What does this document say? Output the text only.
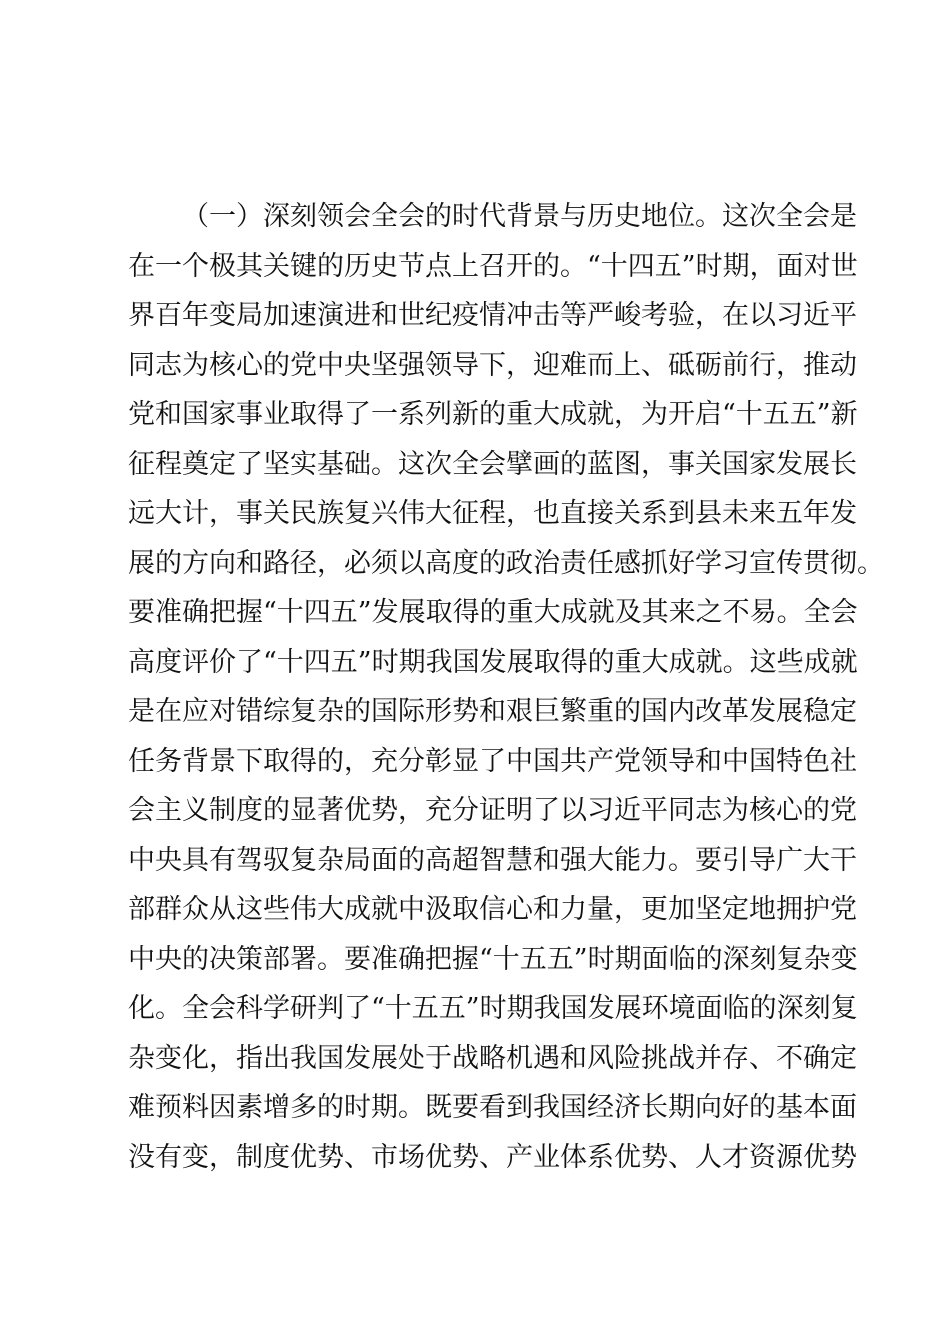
（一）深刻领会全会的时代背景与历史地位。这次全会是
在一个极其关键的历史节点上召开的。“十四五”时期，面对世
界百年变局加速演进和世纪疫情冲击等严峻考验，在以习近平
同志为核心的党中央坚强领导下，迎难而上、砥砺前行，推动
党和国家事业取得了一系列新的重大成就，为开启“十五五”新
征程奠定了坚实基础。这次全会擘画的蓝图，事关国家发展长
远大计，事关民族复兴伟大征程，也直接关系到县未来五年发
展的方向和路径，必须以高度的政治责任感抓好学习宣传贯彻。
要准确把握“十四五”发展取得的重大成就及其来之不易。全会
高度评价了“十四五”时期我国发展取得的重大成就。这些成就
是在应对错综复杂的国际形势和艰巨繁重的国内改革发展稳定
任务背景下取得的，充分彰显了中国共产党领导和中国特色社
会主义制度的显著优势，充分证明了以习近平同志为核心的党
中央具有驾驭复杂局面的高超智慧和强大能力。要引导广大干
部群众从这些伟大成就中汲取信心和力量，更加坚定地拥护党
中央的决策部署。要准确把握“十五五”时期面临的深刻复杂变
化。全会科学研判了“十五五”时期我国发展环境面临的深刻复
杂变化，指出我国发展处于战略机遇和风险挑战并存、不确定
难预料因素增多的时期。既要看到我国经济长期向好的基本面
没有变，制度优势、市场优势、产业体系优势、人才资源优势
